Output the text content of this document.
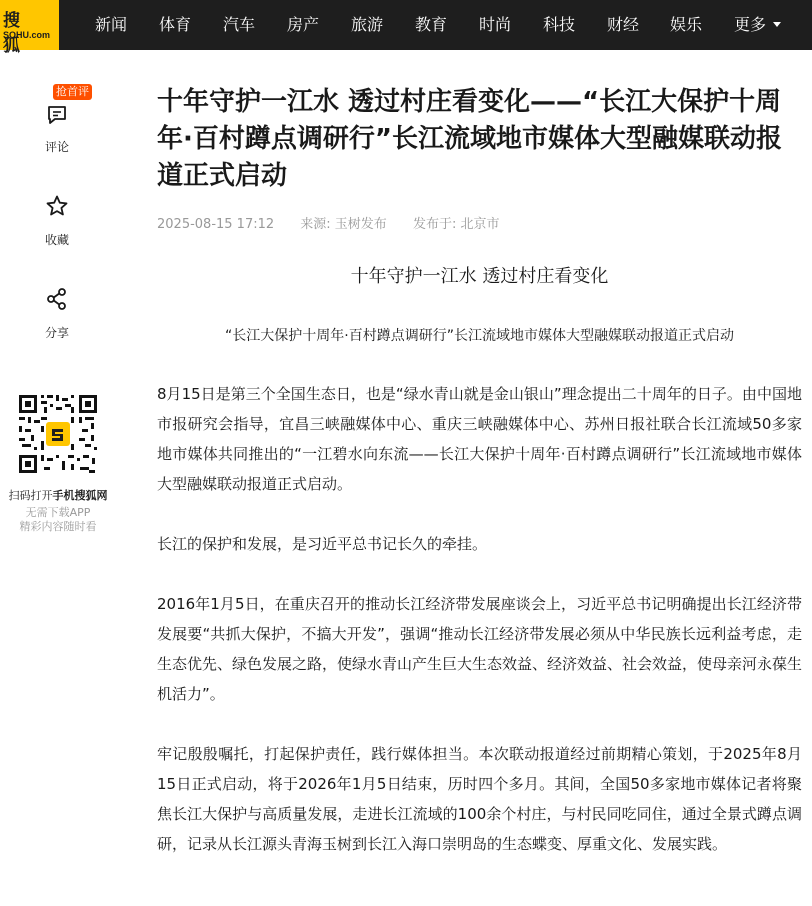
搜 狐
SOHU.com
新闻 体育 汽车 房产 旅游 教育 时尚 科技 财经 娱乐 更多
抢首评
评论
收藏
分享
扫码打开手机搜狐网
无需下载APP
精彩内容随时看
十年守护一江水 透过村庄看变化——“长江大保护十周年·百村蹲点调研行”长江流域地市媒体大型融媒联动报道正式启动
2025-08-15 17:12 来源: 玉树发布 发布于: 北京市
十年守护一江水 透过村庄看变化
“长江大保护十周年·百村蹲点调研行”长江流域地市媒体大型融媒联动报道正式启动

8月15日是第三个全国生态日，也是“绿水青山就是金山银山”理念提出二十周年的日子。由中国地市报研究会指导，宜昌三峡融媒体中心、重庆三峡融媒体中心、苏州日报社联合长江流域50多家地市媒体共同推出的“一江碧水向东流——长江大保护十周年·百村蹲点调研行”长江流域地市媒体大型融媒联动报道正式启动。

长江的保护和发展，是习近平总书记长久的牵挂。

2016年1月5日，在重庆召开的推动长江经济带发展座谈会上，习近平总书记明确提出长江经济带发展要“共抓大保护，不搞大开发”，强调“推动长江经济带发展必须从中华民族长远利益考虑，走生态优先、绿色发展之路，使绿水青山产生巨大生态效益、经济效益、社会效益，使母亲河永葆生机活力”。

牢记殷殷嘱托，打起保护责任，践行媒体担当。本次联动报道经过前期精心策划，于2025年8月15日正式启动，将于2026年1月5日结束，历时四个多月。其间，全国50多家地市媒体记者将聚焦长江大保护与高质量发展，走进长江流域的100余个村庄，与村民同吃同住，通过全景式蹲点调研，记录从长江源头青海玉树到长江入海口崇明岛的生态蝶变、厚重文化、发展实践。
